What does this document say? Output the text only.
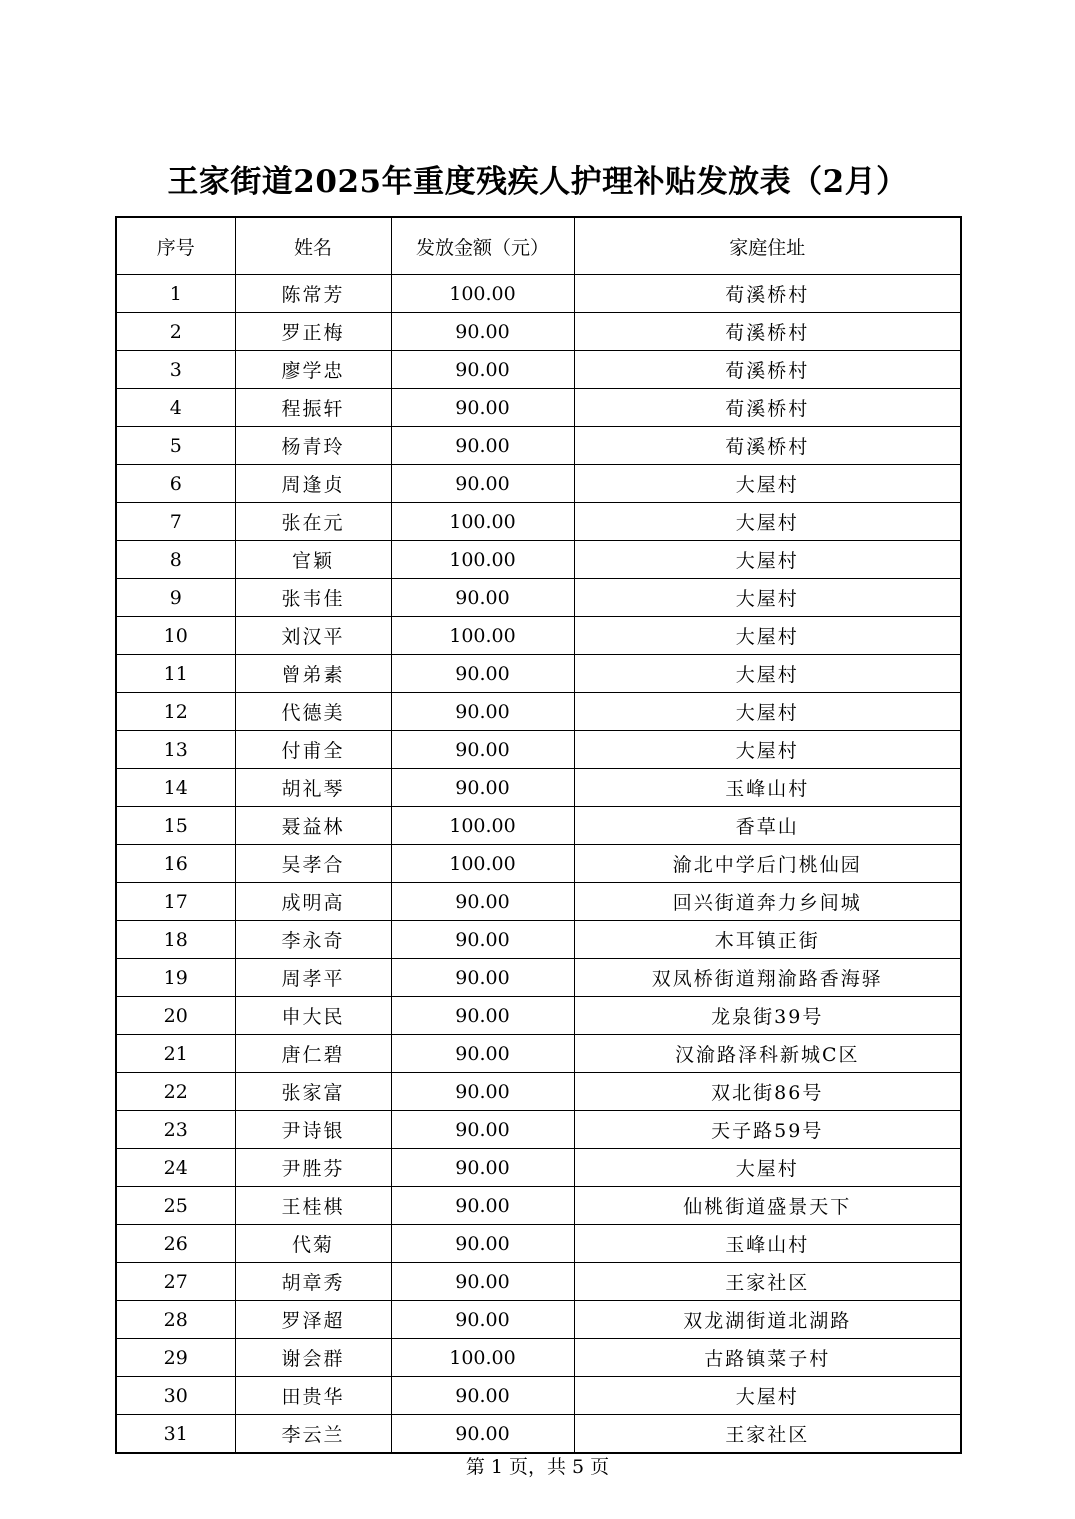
王家街道2025年重度残疾人护理补贴发放表（2月）
序号	姓名	发放金额（元）	家庭住址
1	陈常芳	100.00	荀溪桥村
2	罗正梅	90.00	荀溪桥村
3	廖学忠	90.00	荀溪桥村
4	程振轩	90.00	荀溪桥村
5	杨青玲	90.00	荀溪桥村
6	周逢贞	90.00	大屋村
7	张在元	100.00	大屋村
8	官颖	100.00	大屋村
9	张韦佳	90.00	大屋村
10	刘汉平	100.00	大屋村
11	曾弟素	90.00	大屋村
12	代德美	90.00	大屋村
13	付甫全	90.00	大屋村
14	胡礼琴	90.00	玉峰山村
15	聂益林	100.00	香草山
16	吴孝合	100.00	渝北中学后门桃仙园
17	成明高	90.00	回兴街道奔力乡间城
18	李永奇	90.00	木耳镇正街
19	周孝平	90.00	双凤桥街道翔渝路香海驿
20	申大民	90.00	龙泉街39号
21	唐仁碧	90.00	汉渝路泽科新城C区
22	张家富	90.00	双北街86号
23	尹诗银	90.00	天子路59号
24	尹胜芬	90.00	大屋村
25	王桂棋	90.00	仙桃街道盛景天下
26	代菊	90.00	玉峰山村
27	胡章秀	90.00	王家社区
28	罗泽超	90.00	双龙湖街道北湖路
29	谢会群	100.00	古路镇菜子村
30	田贵华	90.00	大屋村
31	李云兰	90.00	王家社区
第 1 页，共 5 页
